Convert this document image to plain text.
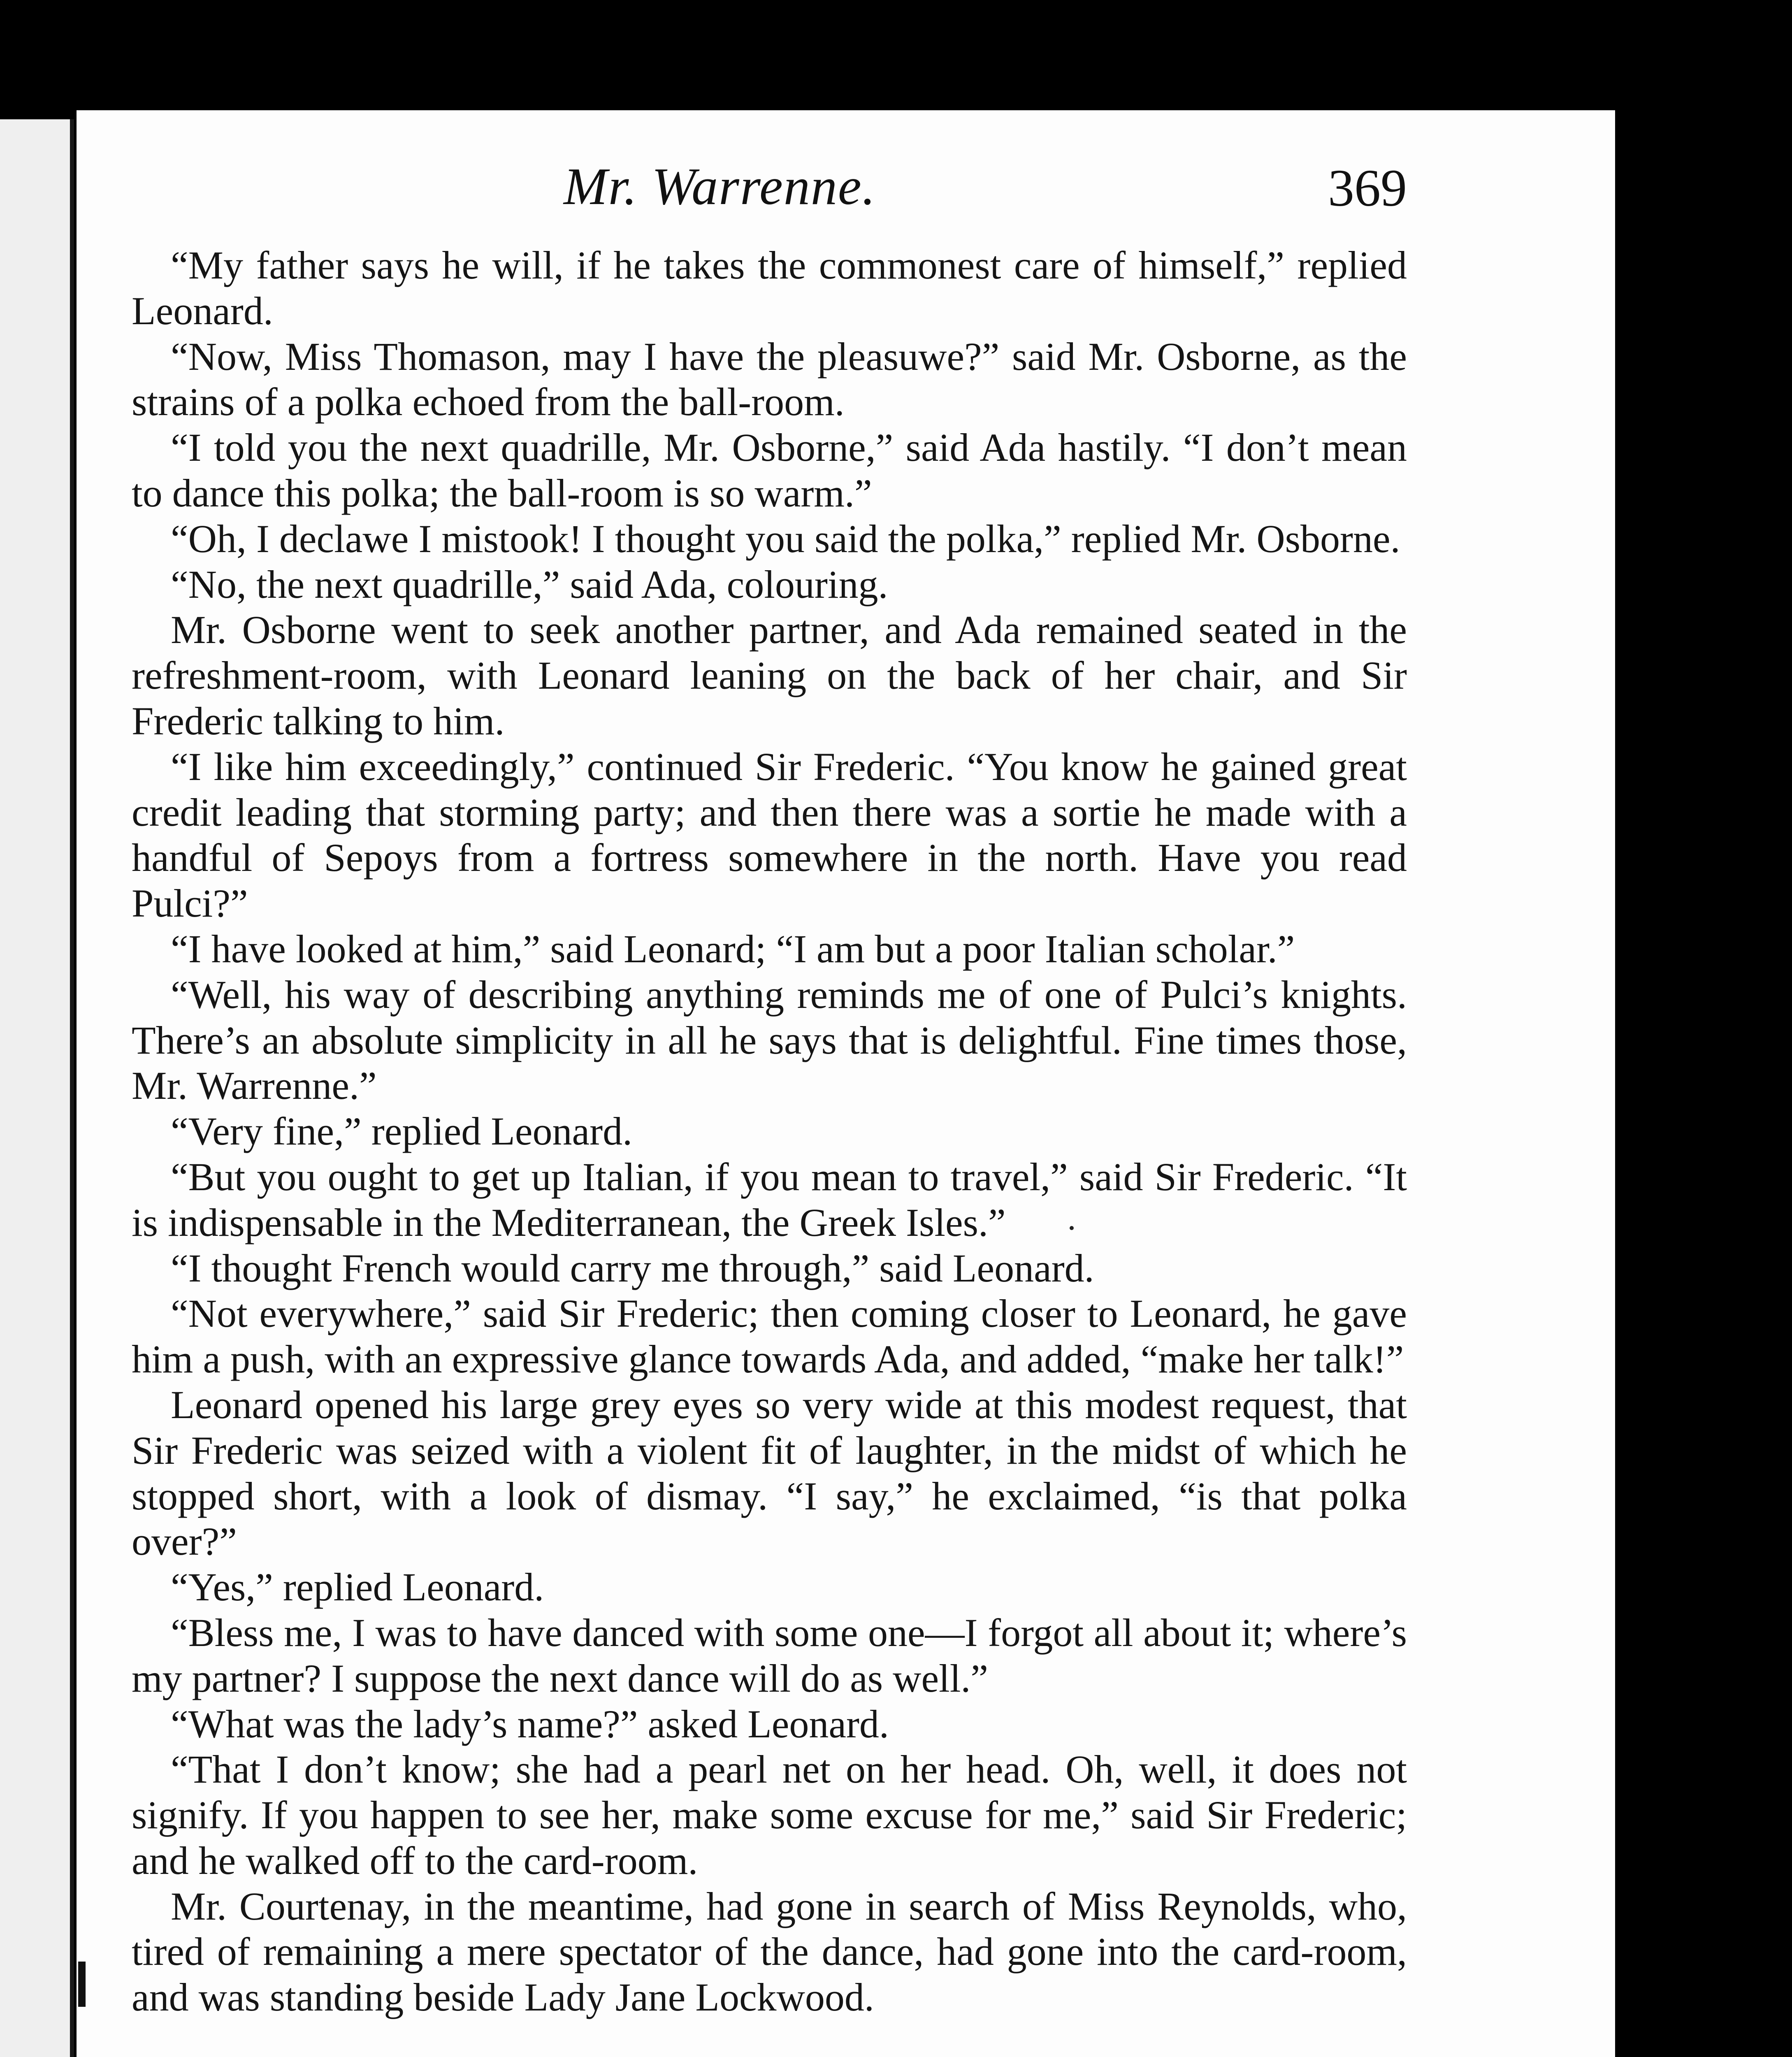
Mr. Warrenne.	369

“My father says he will, if he takes the commonest care of himself,” replied Leonard.

“Now, Miss Thomason, may I have the pleasuwe?” said Mr. Osborne, as the strains of a polka echoed from the ball-room.

“I told you the next quadrille, Mr. Osborne,” said Ada hastily. “I don’t mean to dance this polka; the ball-room is so warm.”

“Oh, I declawe I mistook! I thought you said the polka,” replied Mr. Osborne.

“No, the next quadrille,” said Ada, colouring.

Mr. Osborne went to seek another partner, and Ada remained seated in the refreshment-room, with Leonard leaning on the back of her chair, and Sir Frederic talking to him.

“I like him exceedingly,” continued Sir Frederic. “You know he gained great credit leading that storming party; and then there was a sortie he made with a handful of Sepoys from a fortress somewhere in the north. Have you read Pulci?”

“I have looked at him,” said Leonard; “I am but a poor Italian scholar.”

“Well, his way of describing anything reminds me of one of Pulci’s knights. There’s an absolute simplicity in all he says that is delightful. Fine times those, Mr. Warrenne.”

“Very fine,” replied Leonard.

“But you ought to get up Italian, if you mean to travel,” said Sir Frederic. “It is indispensable in the Mediterranean, the Greek Isles.”

“I thought French would carry me through,” said Leonard.

“Not everywhere,” said Sir Frederic; then coming closer to Leonard, he gave him a push, with an expressive glance towards Ada, and added, “make her talk!”

Leonard opened his large grey eyes so very wide at this modest request, that Sir Frederic was seized with a violent fit of laughter, in the midst of which he stopped short, with a look of dismay. “I say,” he exclaimed, “is that polka over?”

“Yes,” replied Leonard.

“Bless me, I was to have danced with some one—I forgot all about it; where’s my partner? I suppose the next dance will do as well.”

“What was the lady’s name?” asked Leonard.

“That I don’t know; she had a pearl net on her head. Oh, well, it does not signify. If you happen to see her, make some excuse for me,” said Sir Frederic; and he walked off to the card-room.

Mr. Courtenay, in the meantime, had gone in search of Miss Reynolds, who, tired of remaining a mere spectator of the dance, had gone into the card-room, and was standing beside Lady Jane Lockwood.
